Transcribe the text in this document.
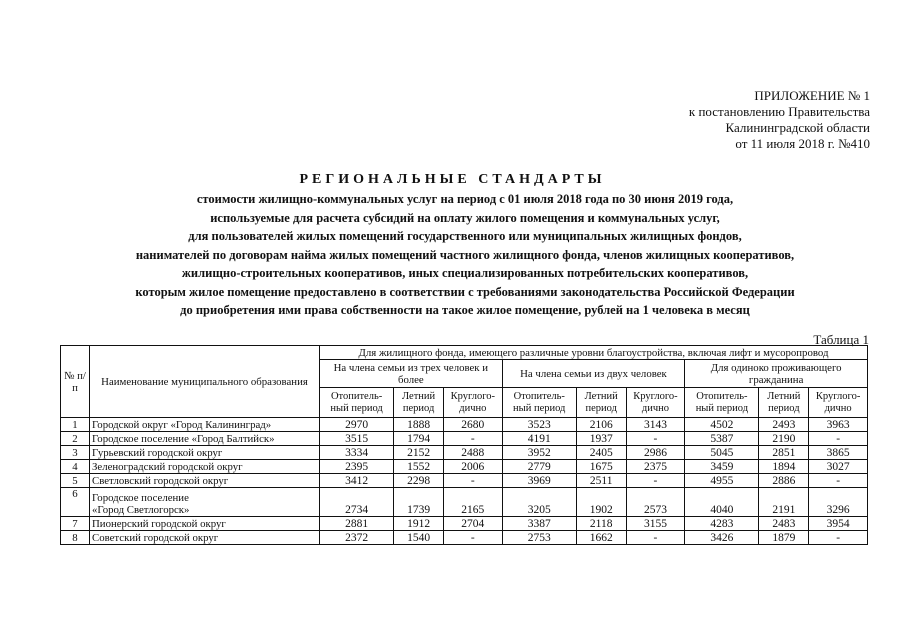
ПРИЛОЖЕНИЕ № 1
к постановлению Правительства
Калининградской области
от 11 июля 2018 г. №410
РЕГИОНАЛЬНЫЕ СТАНДАРТЫ
стоимости жилищно-коммунальных услуг на период с 01 июля 2018 года по 30 июня 2019 года,
используемые для расчета субсидий на оплату жилого помещения и коммунальных услуг,
для пользователей жилых помещений государственного или муниципальных жилищных фондов,
нанимателей по договорам найма жилых помещений частного жилищного фонда, членов жилищных кооперативов,
жилищно-строительных кооперативов, иных специализированных потребительских кооперативов,
которым жилое помещение предоставлено в соответствии с требованиями законодательства Российской Федерации
до приобретения ими права собственности на такое жилое помещение, рублей на 1 человека в месяц
Таблица 1
№ п/п	Наименование муниципального образования	Для жилищного фонда, имеющего различные уровни благоустройства, включая лифт и мусоропровод								
		На члена семьи из трех человек и более			На члена семьи из двух человек			Для одиноко проживающего гражданина		
		Отопитель-ный период	Летний период	Круглого-дично	Отопитель-ный период	Летний период	Круглого-дично	Отопитель-ный период	Летний период	Круглого-дично
1	Городской округ «Город Калининград»	2970	1888	2680	3523	2106	3143	4502	2493	3963
2	Городское поселение «Город Балтийск»	3515	1794	-	4191	1937	-	5387	2190	-
3	Гурьевский городской округ	3334	2152	2488	3952	2405	2986	5045	2851	3865
4	Зеленоградский городской округ	2395	1552	2006	2779	1675	2375	3459	1894	3027
5	Светловский городской округ	3412	2298	-	3969	2511	-	4955	2886	-
6	Городское поселение
«Город Светлогорск»	2734	1739	2165	3205	1902	2573	4040	2191	3296
7	Пионерский городской округ	2881	1912	2704	3387	2118	3155	4283	2483	3954
8	Советский городской округ	2372	1540	-	2753	1662	-	3426	1879	-
